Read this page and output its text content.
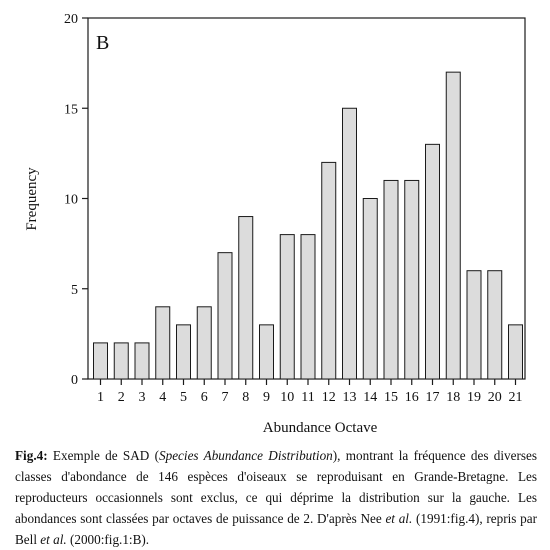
B
0
5
10
15
20
1 2 3 4 5 6 7 8 9 10 11 12 13 14 15 16 17 18 19 20 21
Frequency
Abundance Octave
Fig.4: Exemple de SAD (Species Abundance Distribution), montrant la fréquence des diverses classes d'abondance de 146 espèces d'oiseaux se reproduisant en Grande-Bretagne. Les reproducteurs occasionnels sont exclus, ce qui déprime la distribution sur la gauche. Les abondances sont classées par octaves de puissance de 2. D'après Nee et al. (1991:fig.4), repris par Bell et al. (2000:fig.1:B).
